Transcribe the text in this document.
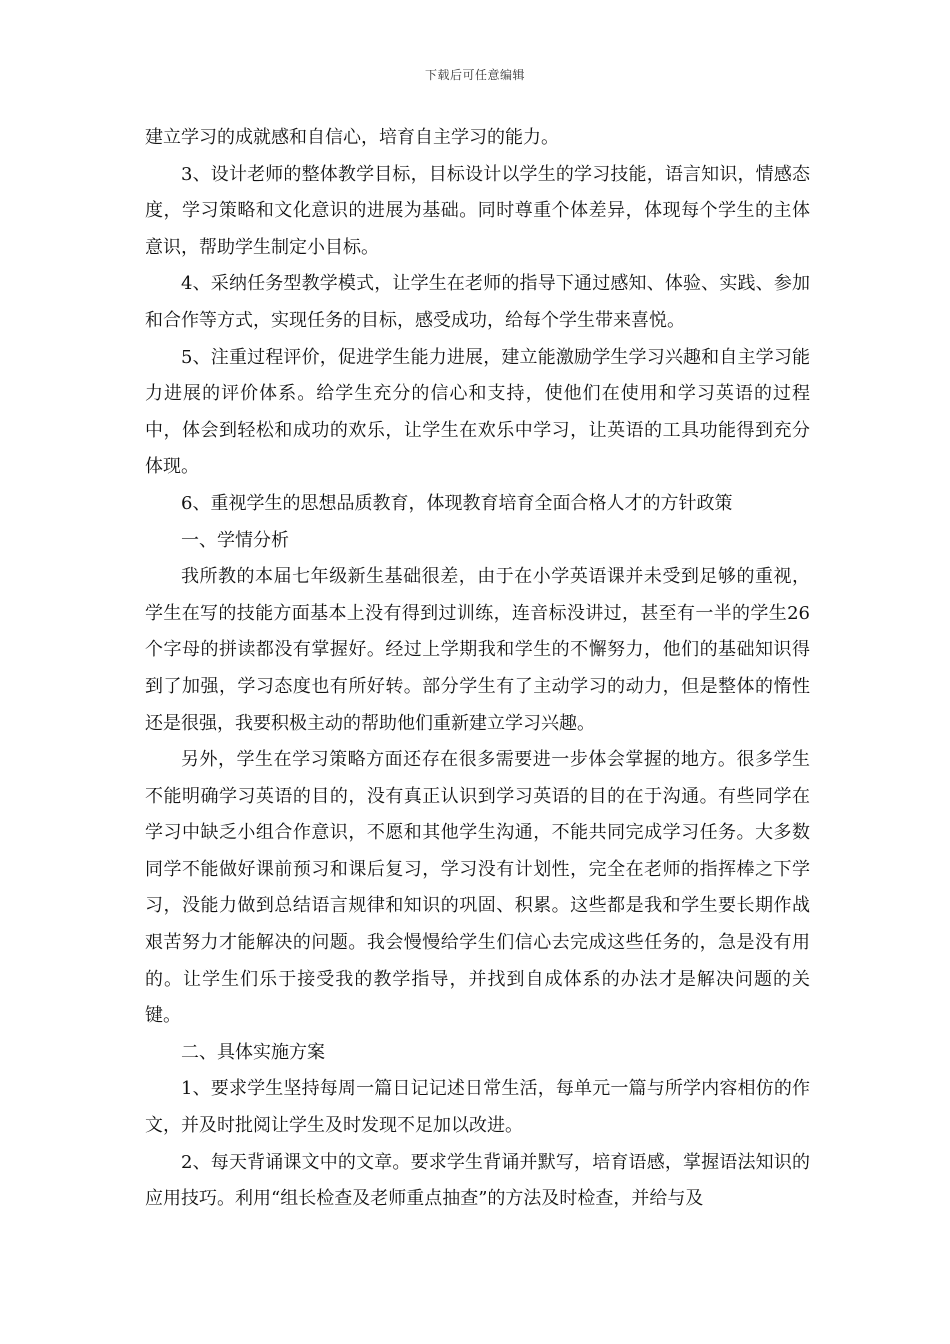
下载后可任意编辑

建立学习的成就感和自信心，培育自主学习的能力。

3、设计老师的整体教学目标，目标设计以学生的学习技能，语言知识，情感态度，学习策略和文化意识的进展为基础。同时尊重个体差异，体现每个学生的主体意识，帮助学生制定小目标。

4、采纳任务型教学模式，让学生在老师的指导下通过感知、体验、实践、参加和合作等方式，实现任务的目标，感受成功，给每个学生带来喜悦。

5、注重过程评价，促进学生能力进展，建立能激励学生学习兴趣和自主学习能力进展的评价体系。给学生充分的信心和支持，使他们在使用和学习英语的过程中，体会到轻松和成功的欢乐，让学生在欢乐中学习，让英语的工具功能得到充分体现。

6、重视学生的思想品质教育，体现教育培育全面合格人才的方针政策

一、学情分析

我所教的本届七年级新生基础很差，由于在小学英语课并未受到足够的重视，学生在写的技能方面基本上没有得到过训练，连音标没讲过，甚至有一半的学生26个字母的拼读都没有掌握好。经过上学期我和学生的不懈努力，他们的基础知识得到了加强，学习态度也有所好转。部分学生有了主动学习的动力，但是整体的惰性还是很强，我要积极主动的帮助他们重新建立学习兴趣。

另外，学生在学习策略方面还存在很多需要进一步体会掌握的地方。很多学生不能明确学习英语的目的，没有真正认识到学习英语的目的在于沟通。有些同学在学习中缺乏小组合作意识，不愿和其他学生沟通，不能共同完成学习任务。大多数同学不能做好课前预习和课后复习，学习没有计划性，完全在老师的指挥棒之下学习，没能力做到总结语言规律和知识的巩固、积累。这些都是我和学生要长期作战艰苦努力才能解决的问题。我会慢慢给学生们信心去完成这些任务的，急是没有用的。让学生们乐于接受我的教学指导，并找到自成体系的办法才是解决问题的关键。

二、具体实施方案

1、要求学生坚持每周一篇日记记述日常生活，每单元一篇与所学内容相仿的作文，并及时批阅让学生及时发现不足加以改进。

2、每天背诵课文中的文章。要求学生背诵并默写，培育语感，掌握语法知识的应用技巧。利用“组长检查及老师重点抽查”的方法及时检查，并给与及
